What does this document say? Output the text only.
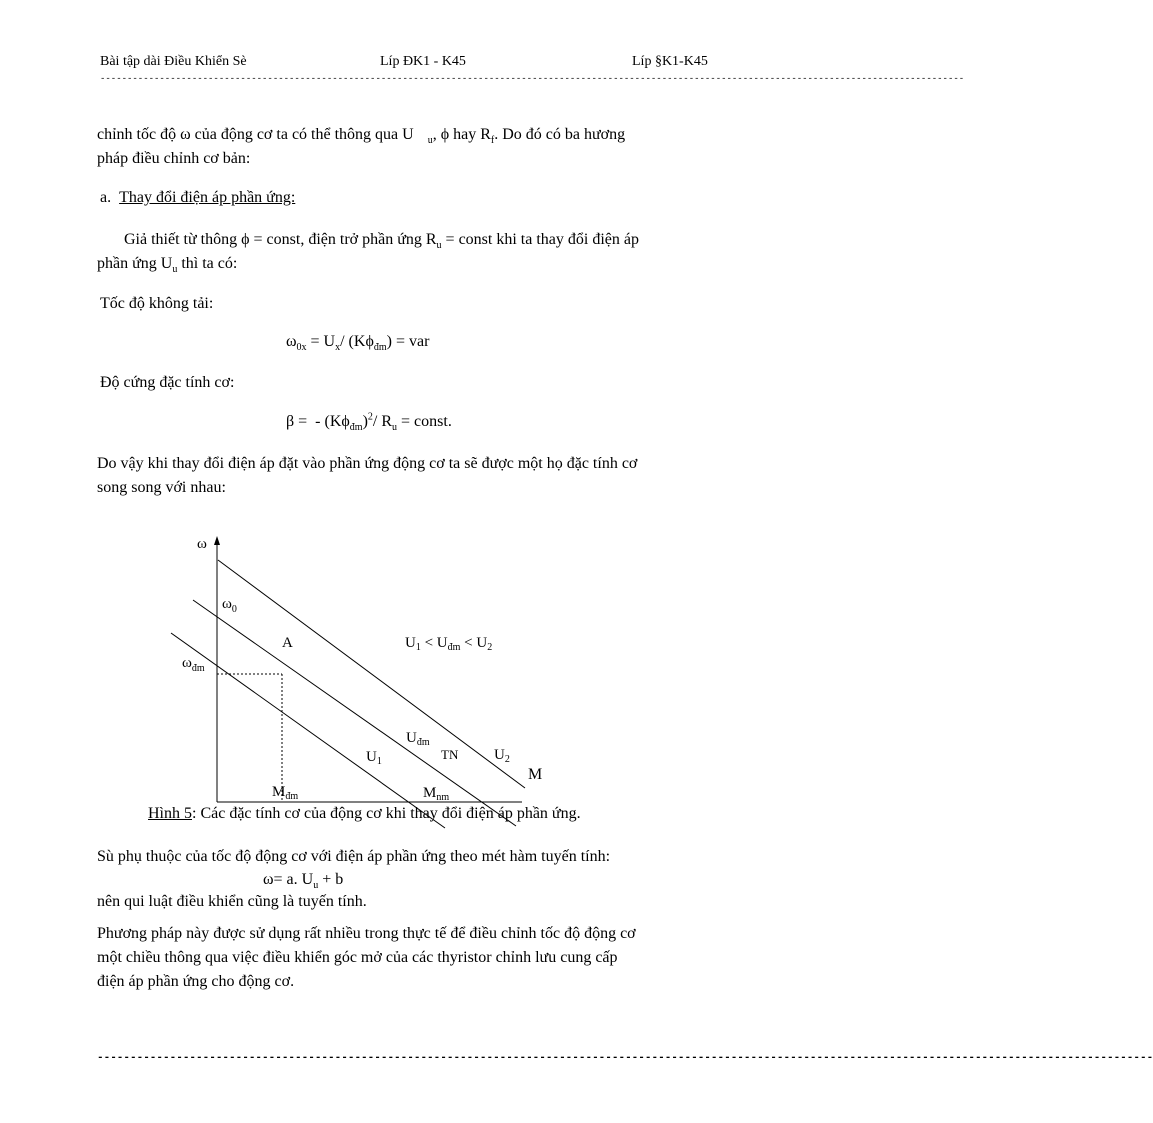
Bài tập dài Điều Khiển Sè	Líp ĐK1 - K45	Líp §K1-K45
----------------------------------------------------------------------------------------------------------------------------------------------------------------
chỉnh tốc độ ω của động cơ ta có thể thông qua U $_u$, ϕ hay $R_f$. Do đó có ba hương
pháp điều chỉnh cơ bản:
a. Thay đổi điện áp phần ứng:
Giả thiết từ thông ϕ = const, điện trở phần ứng $R_u$ = const khi ta thay đổi điện áp
phần ứng $U_u$ thì ta có:
Tốc độ không tải:
$\omega_{0x} = U_x/$ $(K\phi_{đm})$ = var
Độ cứng đặc tính cơ:
β =  - $(K\phi_{đm})^2/$ $R_u$ = const.
Do vậy khi thay đổi điện áp đặt vào phần ứng động cơ ta sẽ được một họ đặc tính cơ
song song với nhau:
ω
$\omega_0$
$\omega_{đm}$
A	$U_1 < U_{đm} < U_2$
$U_{đm}$
TN $U_2$
M
$U_1$
$M_{đm}$	$M_{nm}$
Hình 5: Các đặc tính cơ của động cơ khi thay đổi điện áp phần ứng.
Sù phụ thuộc của tốc độ động cơ với điện áp phần ứng theo mét hàm tuyến tính:
ω= a. $U_u + b$
nên qui luật điều khiển cũng là tuyến tính.
Phương pháp này được sử dụng rất nhiều trong thực tế để điều chỉnh tốc độ động cơ
một chiều thông qua việc điều khiển góc mở của các thyristor chỉnh lưu cung cấp
điện áp phần ứng cho động cơ.
----------------------------------------------------------------------------------------------------------------------------------------------------------------
